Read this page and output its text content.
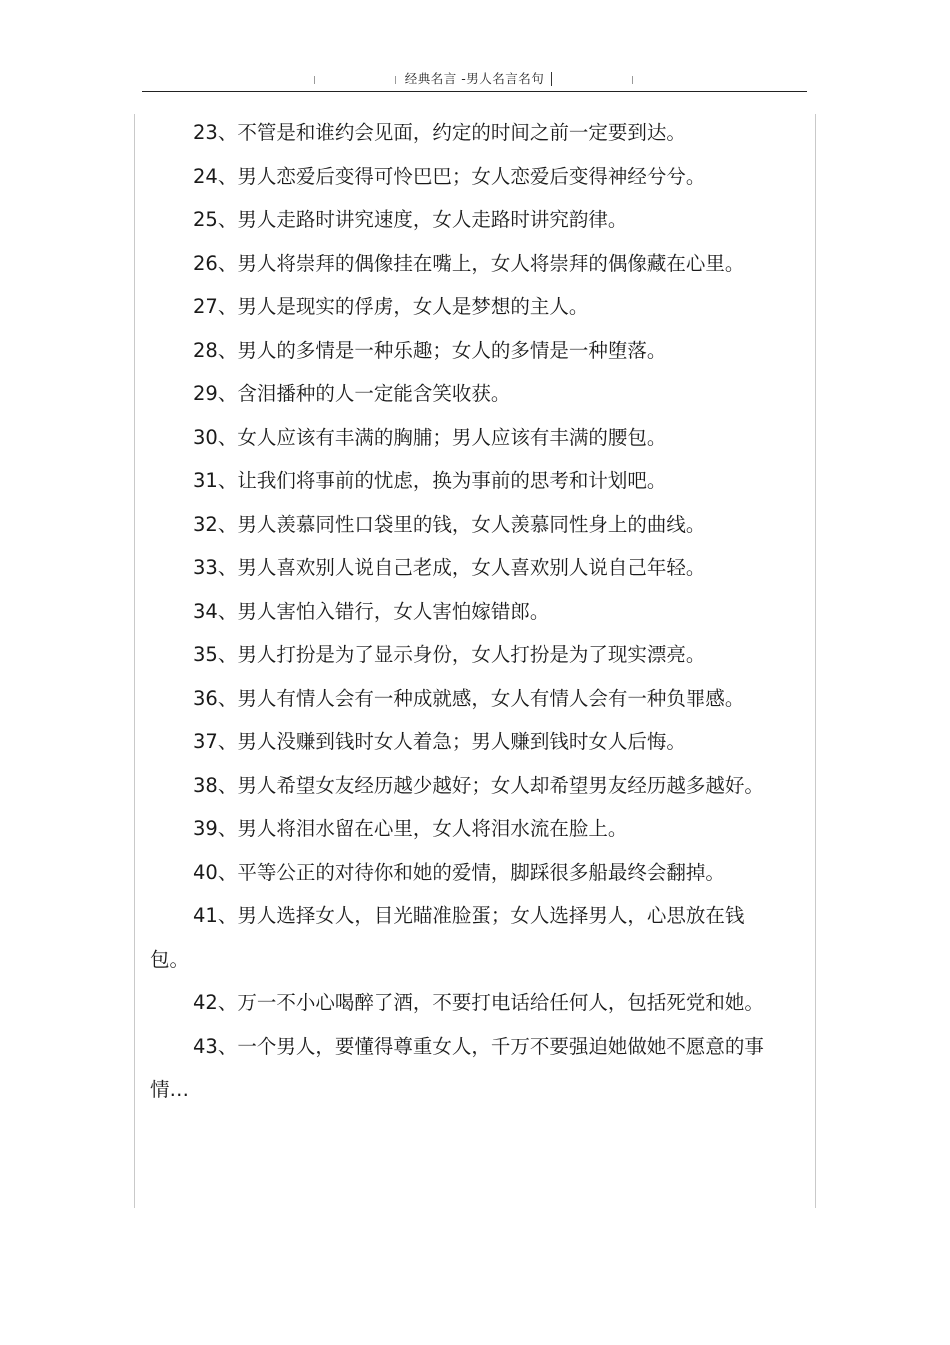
经典名言 -男人名言名句

23、不管是和谁约会见面，约定的时间之前一定要到达。

24、男人恋爱后变得可怜巴巴；女人恋爱后变得神经兮兮。

25、男人走路时讲究速度，女人走路时讲究韵律。

26、男人将崇拜的偶像挂在嘴上，女人将崇拜的偶像藏在心里。

27、男人是现实的俘虏，女人是梦想的主人。

28、男人的多情是一种乐趣；女人的多情是一种堕落。

29、含泪播种的人一定能含笑收获。

30、女人应该有丰满的胸脯；男人应该有丰满的腰包。

31、让我们将事前的忧虑，换为事前的思考和计划吧。

32、男人羡慕同性口袋里的钱，女人羡慕同性身上的曲线。

33、男人喜欢别人说自己老成，女人喜欢别人说自己年轻。

34、男人害怕入错行，女人害怕嫁错郎。

35、男人打扮是为了显示身份，女人打扮是为了现实漂亮。

36、男人有情人会有一种成就感，女人有情人会有一种负罪感。

37、男人没赚到钱时女人着急；男人赚到钱时女人后悔。

38、男人希望女友经历越少越好；女人却希望男友经历越多越好。

39、男人将泪水留在心里，女人将泪水流在脸上。

40、平等公正的对待你和她的爱情，脚踩很多船最终会翻掉。

41、男人选择女人，目光瞄准脸蛋；女人选择男人，心思放在钱包。

42、万一不小心喝醉了酒，不要打电话给任何人，包括死党和她。

43、一个男人，要懂得尊重女人，千万不要强迫她做她不愿意的事情…
